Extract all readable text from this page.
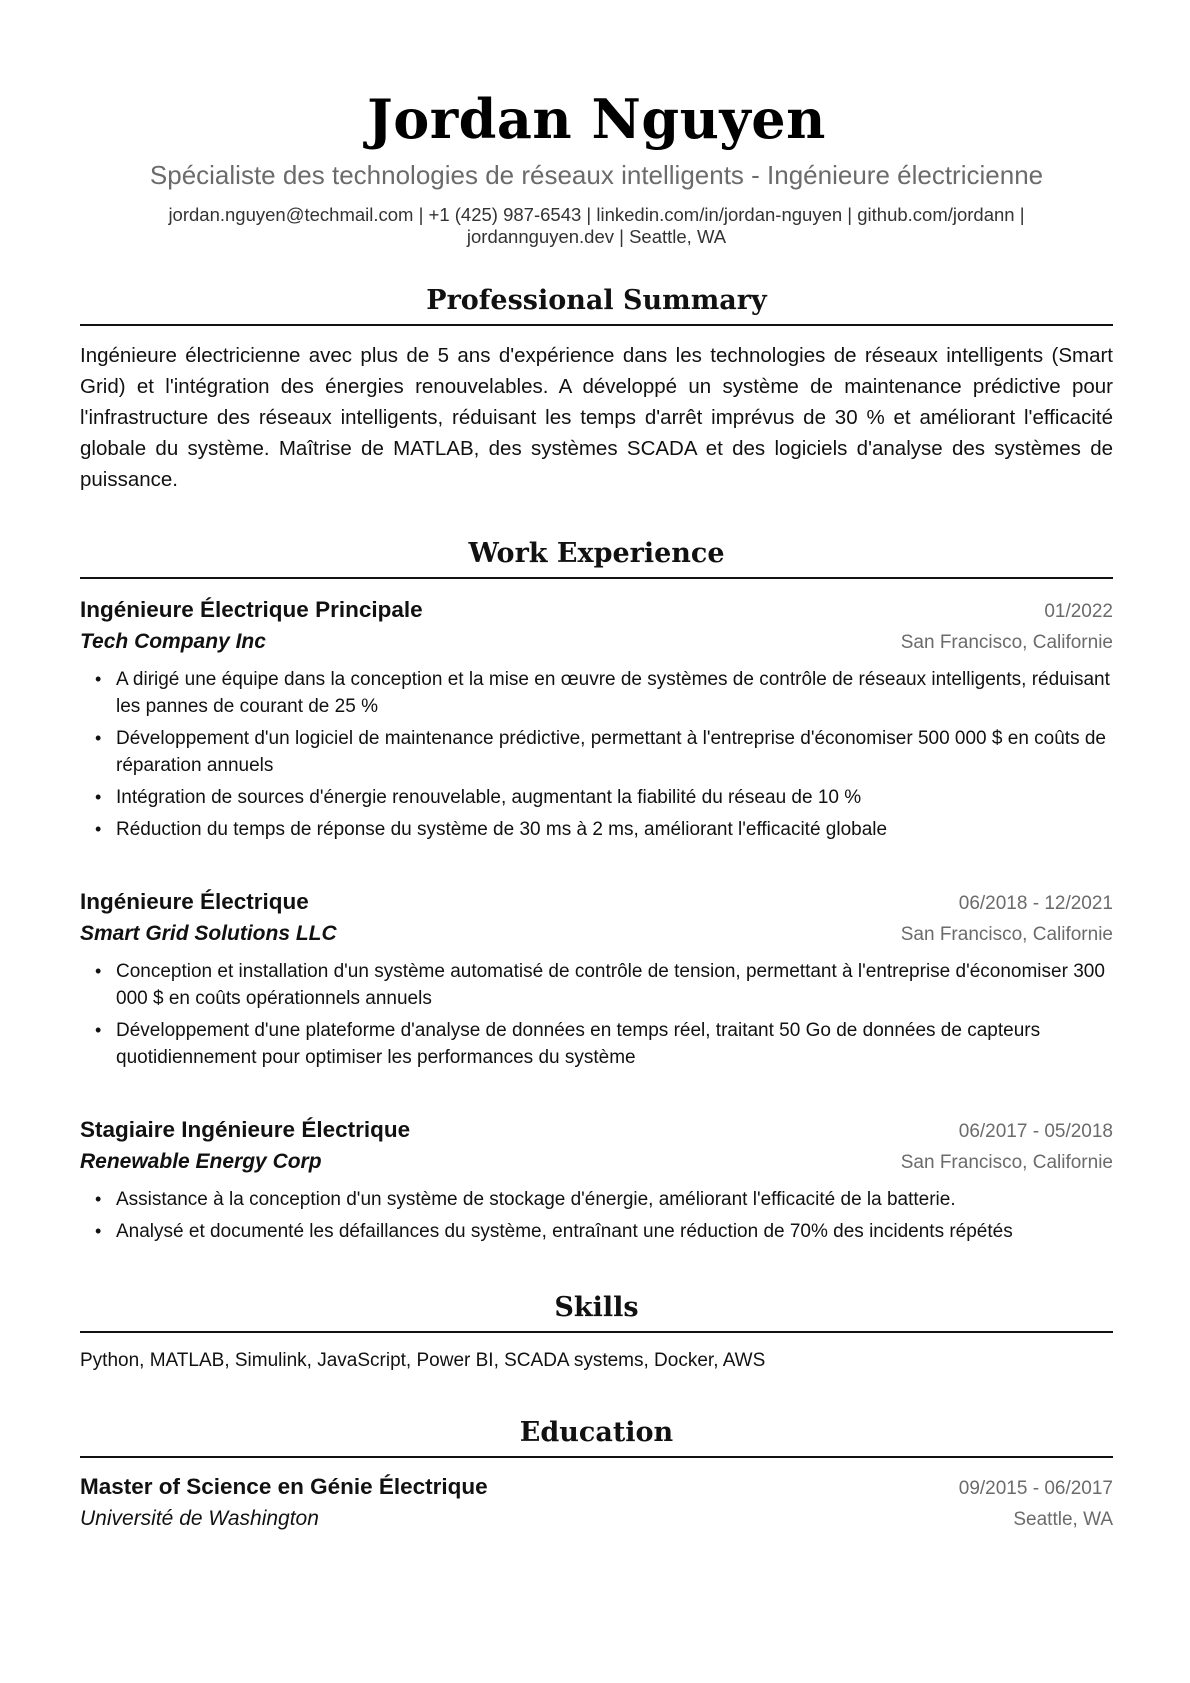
Jordan Nguyen
Spécialiste des technologies de réseaux intelligents - Ingénieure électricienne
jordan.nguyen@techmail.com | +1 (425) 987-6543 | linkedin.com/in/jordan-nguyen | github.com/jordann |
jordannguyen.dev | Seattle, WA
Professional Summary

Ingénieure électricienne avec plus de 5 ans d'expérience dans les technologies de réseaux intelligents (Smart Grid) et l'intégration des énergies renouvelables. A développé un système de maintenance prédictive pour l'infrastructure des réseaux intelligents, réduisant les temps d'arrêt imprévus de 30 % et améliorant l'efficacité globale du système. Maîtrise de MATLAB, des systèmes SCADA et des logiciels d'analyse des systèmes de puissance.

Work Experience
Ingénieure Électrique Principale	01/2022
Tech Company Inc	San Francisco, Californie
• A dirigé une équipe dans la conception et la mise en œuvre de systèmes de contrôle de réseaux intelligents, réduisant les pannes de courant de 25 %
• Développement d'un logiciel de maintenance prédictive, permettant à l'entreprise d'économiser 500 000 $ en coûts de réparation annuels
• Intégration de sources d'énergie renouvelable, augmentant la fiabilité du réseau de 10 %
• Réduction du temps de réponse du système de 30 ms à 2 ms, améliorant l'efficacité globale
Ingénieure Électrique	06/2018 - 12/2021
Smart Grid Solutions LLC	San Francisco, Californie
• Conception et installation d'un système automatisé de contrôle de tension, permettant à l'entreprise d'économiser 300 000 $ en coûts opérationnels annuels
• Développement d'une plateforme d'analyse de données en temps réel, traitant 50 Go de données de capteurs quotidiennement pour optimiser les performances du système
Stagiaire Ingénieure Électrique	06/2017 - 05/2018
Renewable Energy Corp	San Francisco, Californie
• Assistance à la conception d'un système de stockage d'énergie, améliorant l'efficacité de la batterie.
• Analysé et documenté les défaillances du système, entraînant une réduction de 70% des incidents répétés
Skills
Python, MATLAB, Simulink, JavaScript, Power BI, SCADA systems, Docker, AWS
Education
Master of Science en Génie Électrique	09/2015 - 06/2017
Université de Washington	Seattle, WA
